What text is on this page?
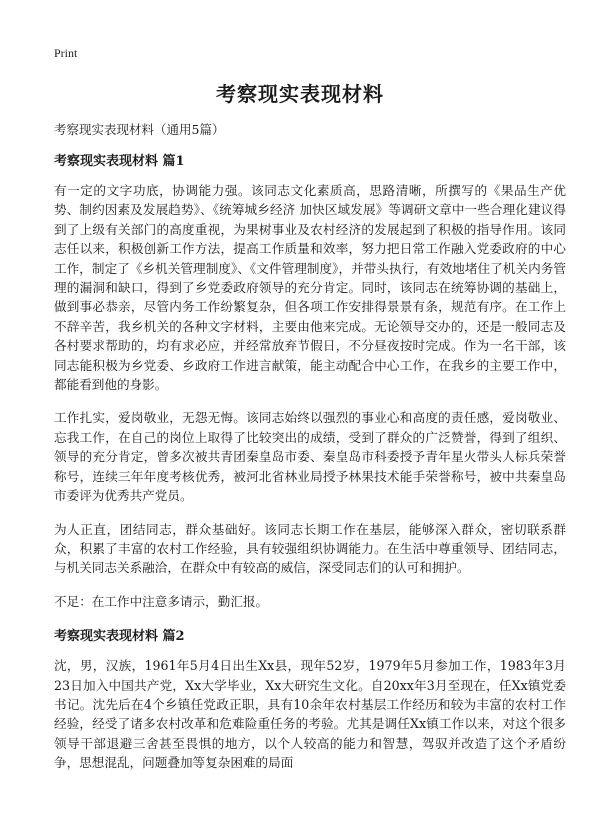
Print
考察现实表现材料
考察现实表现材料（通用5篇）

考察现实表现材料 篇1

有一定的文字功底，协调能力强。该同志文化素质高，思路清晰，所撰写的《果品生产优势、制约因素及发展趋势》、《统筹城乡经济 加快区域发展》等调研文章中一些合理化建议得到了上级有关部门的高度重视，为果树事业及农村经济的发展起到了积极的指导作用。该同志任以来，积极创新工作方法，提高工作质量和效率，努力把日常工作融入党委政府的中心工作，制定了《乡机关管理制度》、《文件管理制度》，并带头执行，有效地堵住了机关内务管理的漏洞和缺口，得到了乡党委政府领导的充分肯定。同时，该同志在统筹协调的基础上，做到事必恭亲，尽管内务工作纷繁复杂，但各项工作安排得景景有条，规范有序。在工作上不辞辛苦，我乡机关的各种文字材料，主要由他来完成。无论领导交办的，还是一般同志及各村要求帮助的，均有求必应，并经常放弃节假日，不分昼夜按时完成。作为一名干部，该同志能积极为乡党委、乡政府工作进言献策，能主动配合中心工作，在我乡的主要工作中，都能看到他的身影。

工作扎实，爱岗敬业，无怨无悔。该同志始终以强烈的事业心和高度的责任感，爱岗敬业、忘我工作，在自己的岗位上取得了比较突出的成绩，受到了群众的广泛赞誉，得到了组织、领导的充分肯定，曾多次被共青团秦皇岛市委、秦皇岛市科委授予青年星火带头人标兵荣誉称号，连续三年年度考核优秀，被河北省林业局授予林果技术能手荣誉称号，被中共秦皇岛市委评为优秀共产党员。

为人正直，团结同志，群众基础好。该同志长期工作在基层，能够深入群众，密切联系群众，积累了丰富的农村工作经验，具有较强组织协调能力。在生活中尊重领导、团结同志，与机关同志关系融洽，在群众中有较高的威信，深受同志们的认可和拥护。

不足：在工作中注意多请示，勤汇报。

考察现实表现材料 篇2

沈，男，汉族，1961年5月4日出生Xx县，现年52岁，1979年5月参加工作，1983年3月23日加入中国共产党，Xx大学毕业，Xx大研究生文化。自20xx年3月至现在，任Xx镇党委书记。沈先后在4个乡镇任党政正职，具有10余年农村基层工作经历和较为丰富的农村工作经验，经受了诸多农村改革和危难险重任务的考验。尤其是调任Xx镇工作以来，对这个很多领导干部退避三舍甚至畏惧的地方，以个人较高的能力和智慧，驾驭并改造了这个矛盾纷争，思想混乱，问题叠加等复杂困难的局面
